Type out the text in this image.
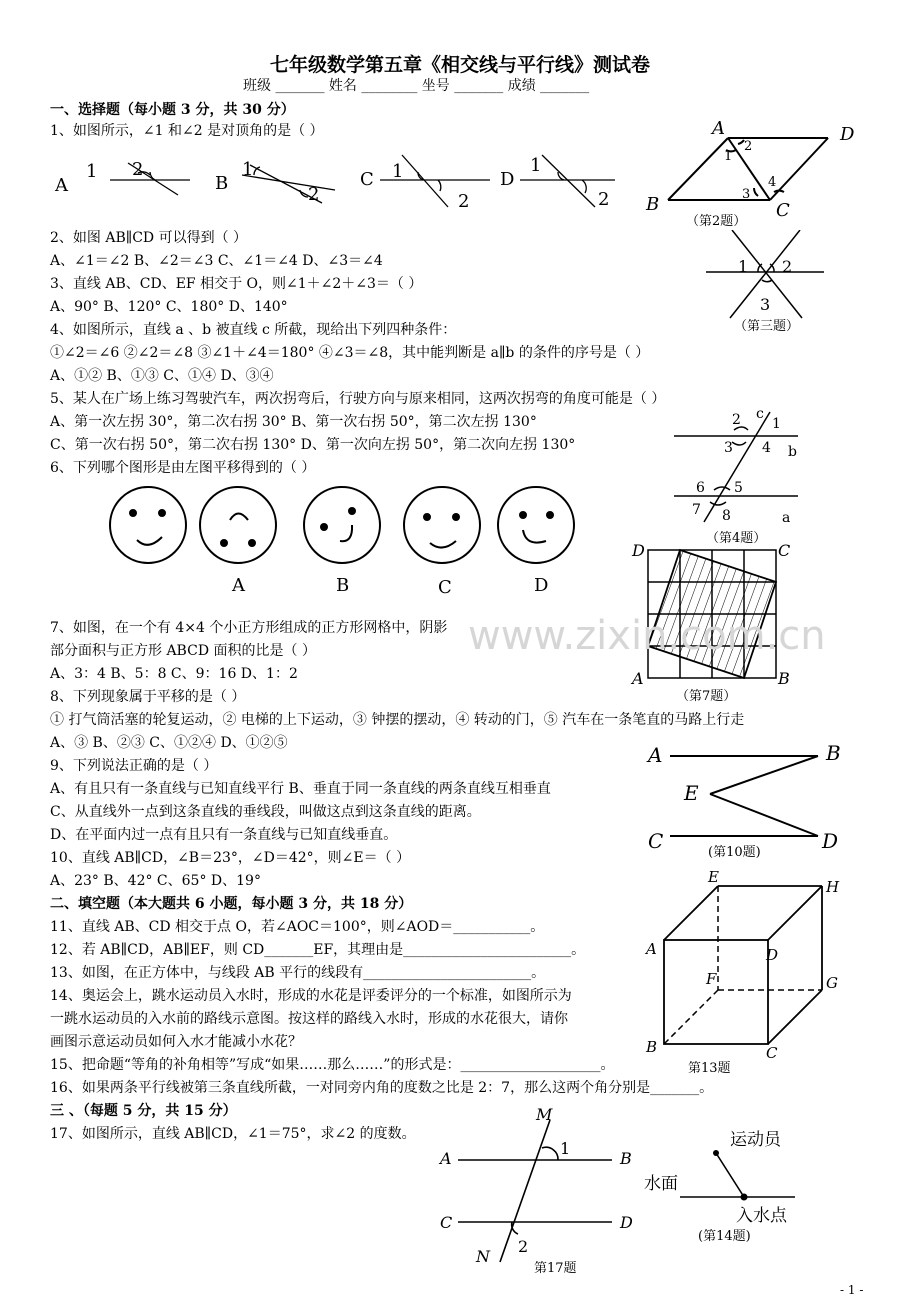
七年级数学第五章《相交线与平行线》测试卷
班级 _______ 姓名 ________ 坐号 _______ 成绩 _______
一、选择题（每小题 3 分，共 30 分）
1、如图所示，∠1 和∠2 是对顶角的是（ ）
A
1 2
B
1
2
C 1
2
D
1
2
2、如图 AB∥CD 可以得到（ ）
A、∠1＝∠2 B、∠2＝∠3 C、∠1＝∠4 D、∠3＝∠4
3、直线 AB、CD、EF 相交于 O，则∠1＋∠2＋∠3＝（ ）
A、90° B、120° C、180° D、140°
4、如图所示，直线 a 、b 被直线 c 所截，现给出下列四种条件：
①∠2＝∠6 ②∠2＝∠8 ③∠1＋∠4＝180° ④∠3＝∠8，其中能判断是 a∥b 的条件的序号是（ ）
A、①② B、①③ C、①④ D、③④
5、某人在广场上练习驾驶汽车，两次拐弯后，行驶方向与原来相同，这两次拐弯的角度可能是（ ）
A、第一次左拐 30°，第二次右拐 30° B、第一次右拐 50°，第二次左拐 130°
C、第一次右拐 50°，第二次右拐 130° D、第一次向左拐 50°，第二次向左拐 130°
6、下列哪个图形是由左图平移得到的（ ）
A	B	C	D
7、如图，在一个有 4×4 个小正方形组成的正方形网格中，阴影
部分面积与正方形 ABCD 面积的比是（ ）
A、3：4 B、5：8 C、9：16 D、1：2
8、下列现象属于平移的是（ ）
① 打气筒活塞的轮复运动，② 电梯的上下运动，③ 钟摆的摆动，④ 转动的门，⑤ 汽车在一条笔直的马路上行走
A、③ B、②③ C、①②④ D、①②⑤
9、下列说法正确的是（ ）
A、有且只有一条直线与已知直线平行 B、垂直于同一条直线的两条直线互相垂直
C、从直线外一点到这条直线的垂线段，叫做这点到这条直线的距离。
D、在平面内过一点有且只有一条直线与已知直线垂直。
10、直线 AB∥CD，∠B＝23°，∠D＝42°，则∠E＝（ ）
A、23° B、42° C、65° D、19°
二、填空题（本大题共 6 小题，每小题 3 分，共 18 分）
11、直线 AB、CD 相交于点 O，若∠AOC＝100°，则∠AOD＝___________。
12、若 AB∥CD，AB∥EF，则 CD_______EF，其理由是________________________。
13、如图，在正方体中，与线段 AB 平行的线段有________________________。
14、奥运会上，跳水运动员入水时，形成的水花是评委评分的一个标准，如图所示为
一跳水运动员的入水前的路线示意图。按这样的路线入水时，形成的水花很大，请你
画图示意运动员如何入水才能减小水花？
15、把命题“等角的补角相等”写成“如果……那么……”的形式是：____________________。
16、如果两条平行线被第三条直线所截，一对同旁内角的度数之比是 2：7，那么这两个角分别是_______。
三 、（每题 5 分，共 15 分）
17、如图所示，直线 AB∥CD，∠1＝75°，求∠2 的度数。
A	D
B	C
1
2
3
4
（第2题）
1 2
3
（第三题）
c
b
a
1
2
3 4
5
6
7 8
（第4题）
D	C
A	B
（第7题）
A	B
E
C	D
(第10题)
E
H
A	D
F	G
B	C
第13题
M
A	B
C	D
N
1
2
第17题
运动员
水面
入水点
(第14题)
www.zixin.com.cn
- 1 -
